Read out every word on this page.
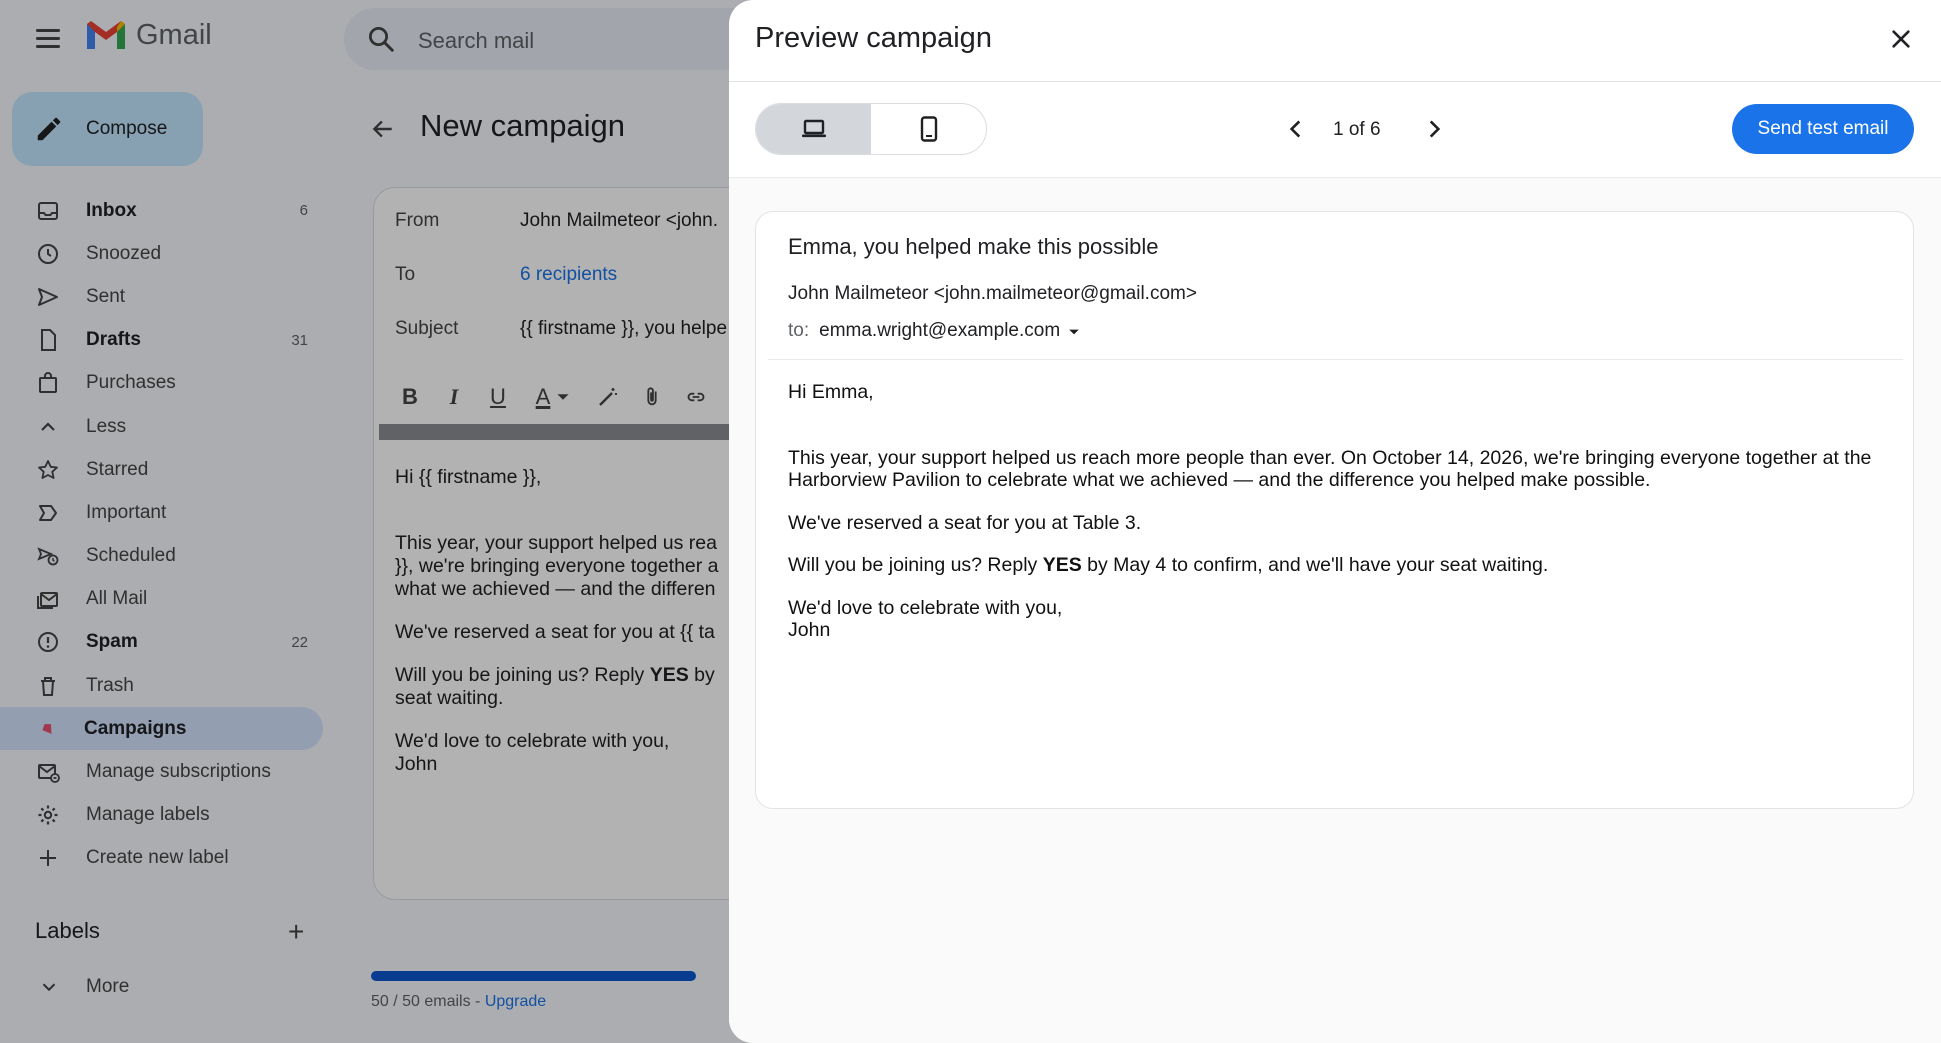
Gmail	Search mail
Compose
Inbox	6
Snoozed
Sent
Drafts	31
Purchases
Less
Starred
Important
Scheduled
All Mail
Spam	22
Trash
Campaigns
Manage subscriptions
Manage labels
Create new label
Labels	+
More
New campaign
From	John Mailmeteor <john.
To	6 recipients
Subject	{{ firstname }}, you helpe
B	I	U A

Hi {{ firstname }},

This year, your support helped us rea
}}, we're bringing everyone together a
what we achieved — and the differen

We've reserved a seat for you at {{ ta

Will you be joining us? Reply YES by
seat waiting.

We'd love to celebrate with you,
John

50 / 50 emails - Upgrade
Preview campaign
1 of 6	Send test email
Emma, you helped make this possible
John Mailmeteor <john.mailmeteor@gmail.com>
to: emma.wright@example.com

Hi Emma,

This year, your support helped us reach more people than ever. On October 14, 2026, we're bringing everyone together at the Harborview Pavilion to celebrate what we achieved — and the difference you helped make possible.

We've reserved a seat for you at Table 3.

Will you be joining us? Reply YES by May 4 to confirm, and we'll have your seat waiting.

We'd love to celebrate with you,
John
